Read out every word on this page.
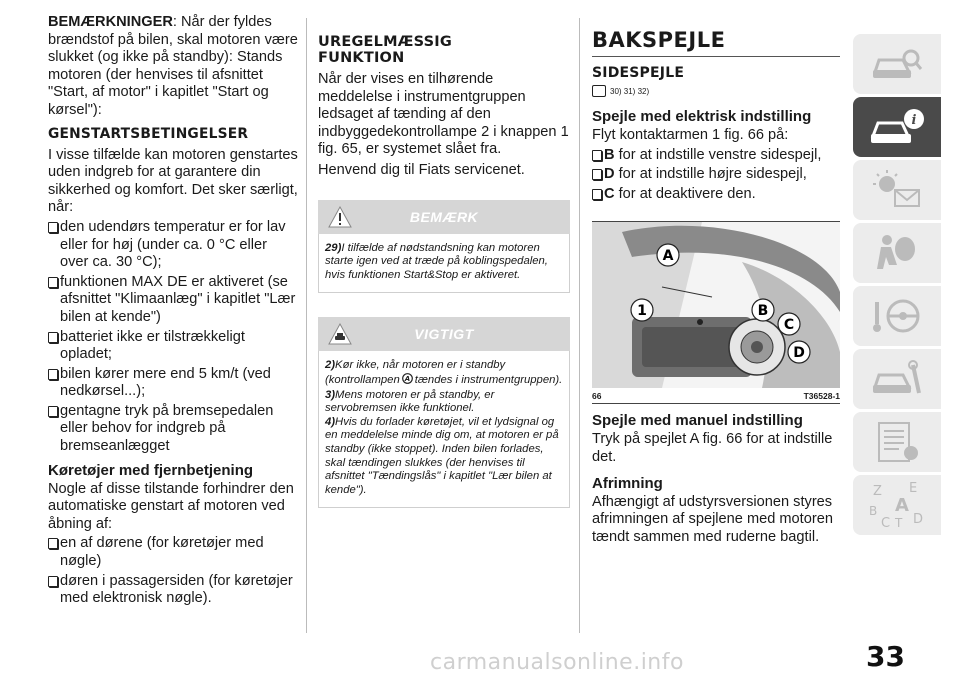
BEMÆRKNINGER: Når der fyldes brændstof på bilen, skal motoren være slukket (og ikke på standby): Stands motoren (der henvises til afsnittet "Start, af motor" i kapitlet "Start og kørsel"):

GENSTARTSBETINGELSER

I visse tilfælde kan motoren genstartes uden indgreb for at garantere din sikkerhed og komfort. Det sker særligt, når:

den udendørs temperatur er for lav eller for høj (under ca. 0 °C eller over ca. 30 °C);
funktionen MAX DE er aktiveret (se afsnittet "Klimaanlæg" i kapitlet "Lær bilen at kende")
batteriet ikke er tilstrækkeligt opladet;
bilen kører mere end 5 km/t (ved nedkørsel...);
gentagne tryk på bremsepedalen eller behov for indgreb på bremseanlægget
Køretøjer med fjernbetjening

Nogle af disse tilstande forhindrer den automatiske genstart af motoren ved åbning af:

en af dørene (for køretøjer med nøgle)
døren i passagersiden (for køretøjer med elektronisk nøgle).
UREGELMÆSSIG
FUNKTION

Når der vises en tilhørende meddelelse i instrumentgruppen ledsaget af tænding af den indbyggedekontrollampe 2 i knappen 1 fig. 65, er systemet slået fra.

Henvend dig til Fiats servicenet.

BEMÆRK

29)I tilfælde af nødstandsning kan motoren starte igen ved at træde på koblingspedalen, hvis funktionen Start&Stop er aktiveret.

VIGTIGT

2)Kør ikke, når motoren er i standby (kontrollampen A tændes i instrumentgruppen).

3)Mens motoren er på standby, er servobremsen ikke funktionel.

4)Hvis du forlader køretøjet, vil et lydsignal og en meddelelse minde dig om, at motoren er på standby (ikke stoppet). Inden bilen forlades, skal tændingen slukkes (der henvises til afsnittet "Tændingslås" i kapitlet "Lær bilen at kende").

BAKSPEJLE
SIDESPEJLE
30) 31) 32)
Spejle med elektrisk indstilling

Flyt kontaktarmen 1 fig. 66 på:

B for at indstille venstre sidespejl,
D for at indstille højre sidespejl,
C for at deaktivere den.
A
1	B
C
D
66	T36528-1
Spejle med manuel indstilling

Tryk på spejlet A fig. 66 for at indstille det.

Afrimning

Afhængigt af udstyrsversionen styres afrimningen af spejlene med motoren tændt sammen med ruderne bagtil.

i
Z E
A
B
C T D
carmanualsonline.info	33
